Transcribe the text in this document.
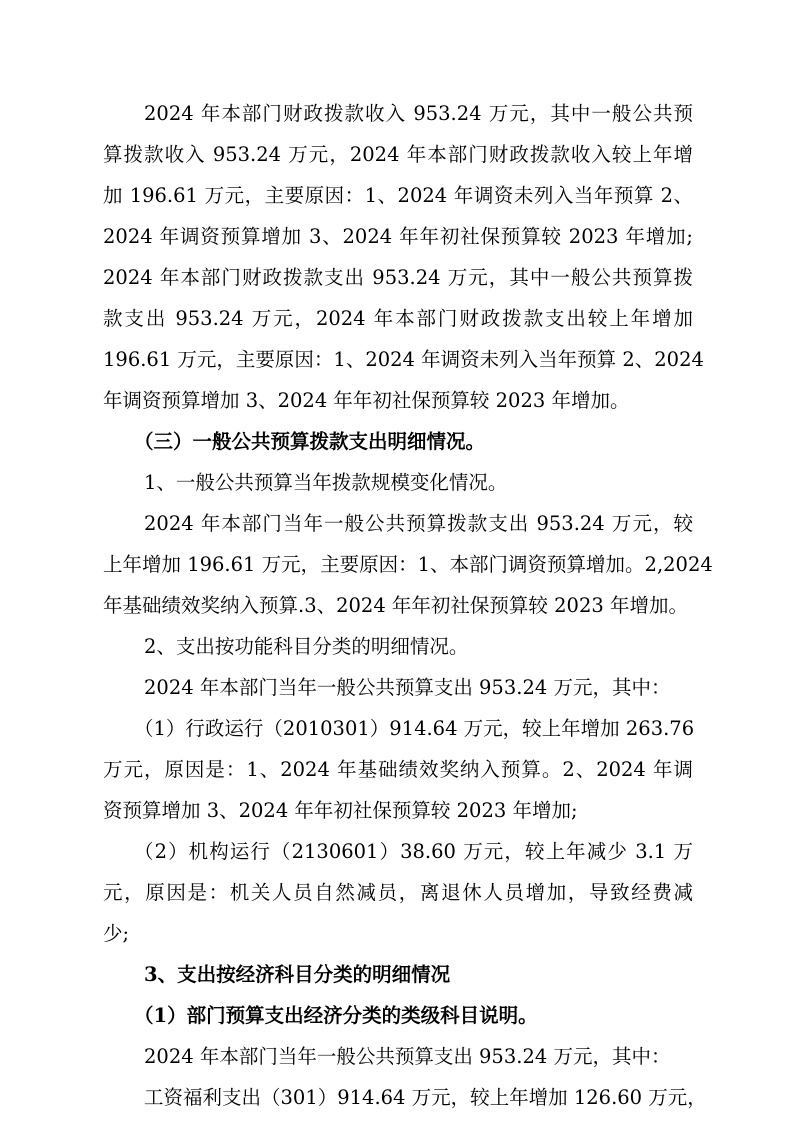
2024 年本部门财政拨款收入 953.24 万元，其中一般公共预
算拨款收入 953.24 万元，2024 年本部门财政拨款收入较上年增
加 196.61 万元，主要原因：1、2024 年调资未列入当年预算 2、
2024 年调资预算增加 3、2024 年年初社保预算较 2023 年增加;
2024 年本部门财政拨款支出 953.24 万元，其中一般公共预算拨
款支出 953.24 万元，2024 年本部门财政拨款支出较上年增加
196.61 万元，主要原因：1、2024 年调资未列入当年预算 2、2024
年调资预算增加 3、2024 年年初社保预算较 2023 年增加。
（三）一般公共预算拨款支出明细情况。
1、一般公共预算当年拨款规模变化情况。
2024 年本部门当年一般公共预算拨款支出 953.24 万元，较
上年增加 196.61 万元，主要原因：1、本部门调资预算增加。2,2024
年基础绩效奖纳入预算.3、2024 年年初社保预算较 2023 年增加。
2、支出按功能科目分类的明细情况。
2024 年本部门当年一般公共预算支出 953.24 万元，其中：
（1）行政运行（2010301）914.64 万元，较上年增加 263.76
万元，原因是：1、2024 年基础绩效奖纳入预算。2、2024 年调
资预算增加 3、2024 年年初社保预算较 2023 年增加;
（2）机构运行（2130601）38.60 万元，较上年减少 3.1 万
元，原因是：机关人员自然减员，离退休人员增加，导致经费减
少;
3、支出按经济科目分类的明细情况
（1）部门预算支出经济分类的类级科目说明。
2024 年本部门当年一般公共预算支出 953.24 万元，其中：
工资福利支出（301）914.64 万元，较上年增加 126.60 万元，
